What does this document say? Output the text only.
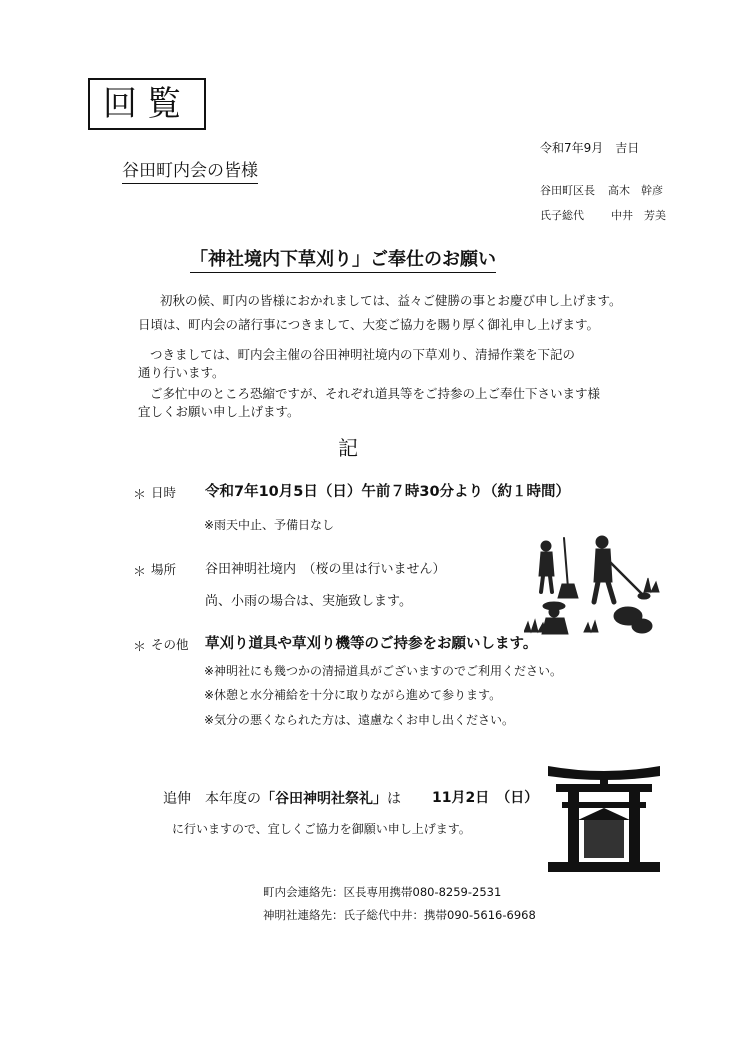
回覧
谷田町内会の皆様
令和7年9月　吉日
谷田町区長 高木　幹彦
氏子総代 中井　芳美
「神社境内下草刈り」ご奉仕のお願い
初秋の候、町内の皆様におかれましては、益々ご健勝の事とお慶び申し上げます。
日頃は、町内会の諸行事につきまして、大変ご協力を賜り厚く御礼申し上げます。
つきましては、町内会主催の谷田神明社境内の下草刈り、清掃作業を下記の
通り行います。
ご多忙中のところ恐縮ですが、それぞれ道具等をご持参の上ご奉仕下さいます様
宜しくお願い申し上げます。
記
＊ 日時 令和7年10月5日（日）午前７時30分より（約１時間）
※雨天中止、予備日なし
＊ 場所 谷田神明社境内　（桜の里は行いません）
尚、小雨の場合は、実施致します。
＊ その他 草刈り道具や草刈り機等のご持参をお願いします。
※神明社にも幾つかの清掃道具がございますのでご利用ください。
※休憩と水分補給を十分に取りながら進めて参ります。
※気分の悪くなられた方は、遠慮なくお申し出ください。
追伸　本年度の「谷田神明社祭礼」は 11月2日　（日）
に行いますので、宜しくご協力を御願い申し上げます。
町内会連絡先：区長専用携帯080-8259-2531
神明社連絡先：氏子総代中井：携帯090-5616-6968
